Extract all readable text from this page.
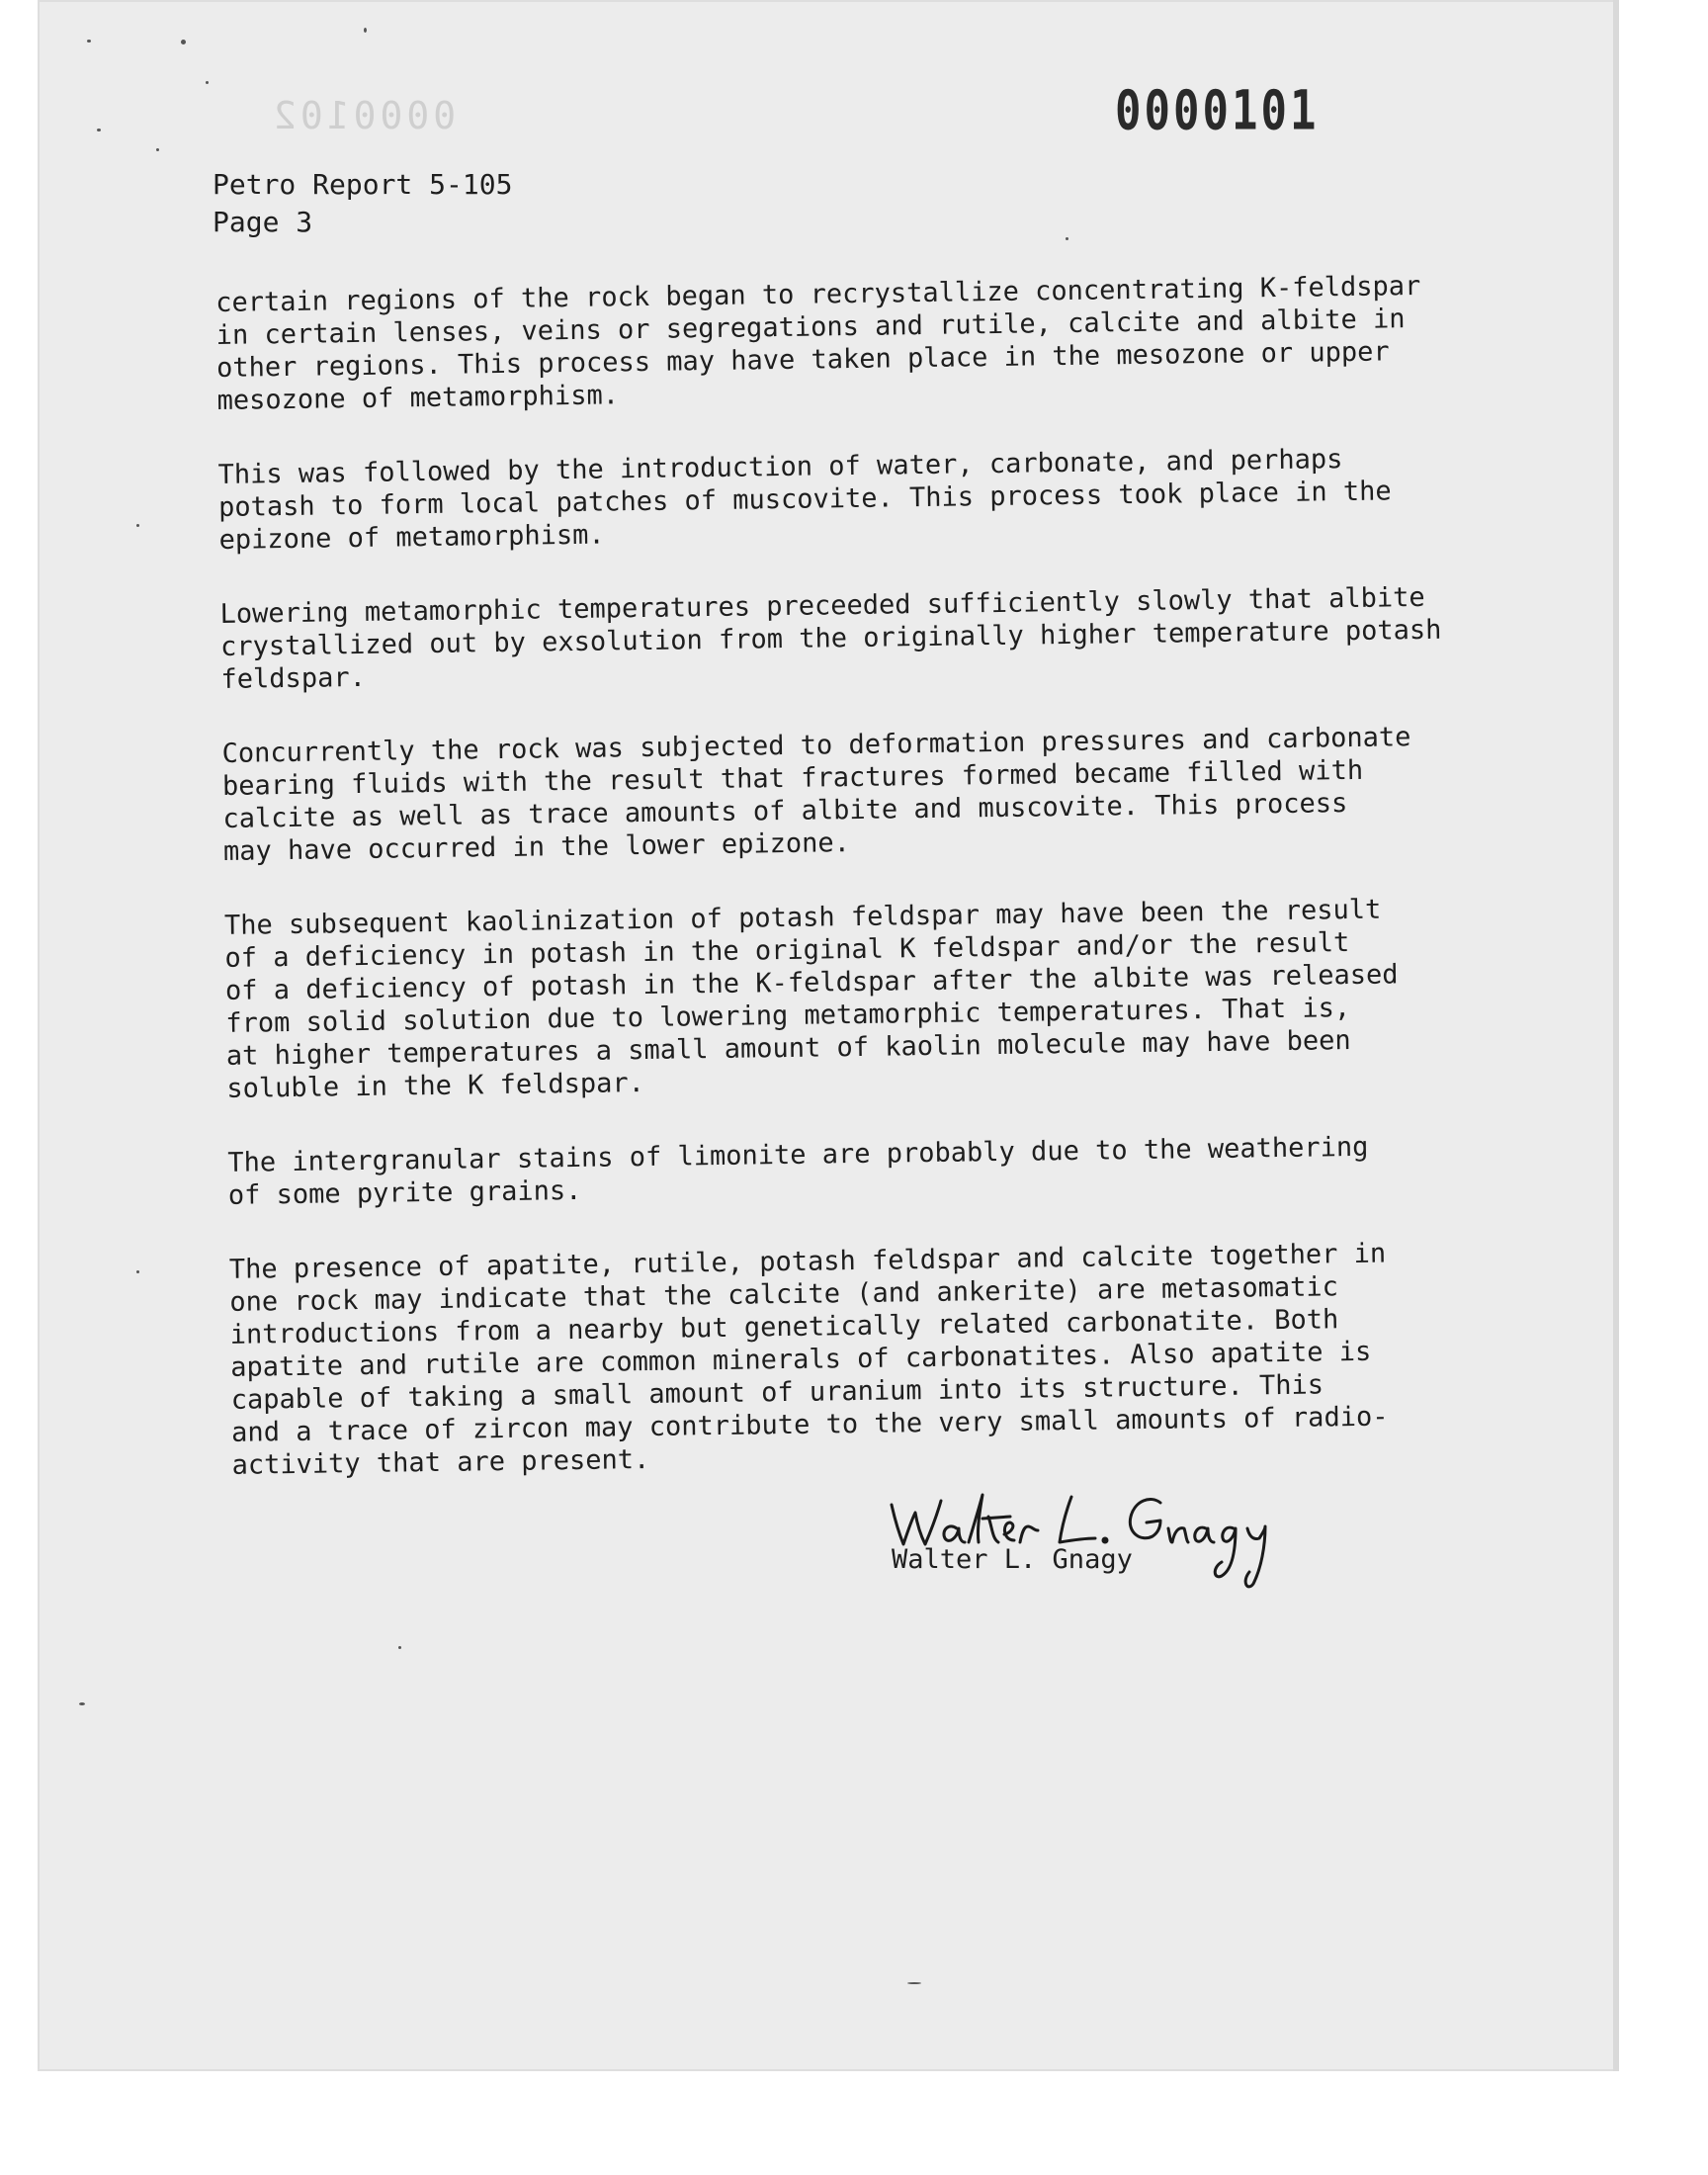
0000102	0000101
Petro Report 5-105
Page 3

certain regions of the rock began to recrystallize concentrating K-feldspar
in certain lenses, veins or segregations and rutile, calcite and albite in
other regions. This process may have taken place in the mesozone or upper
mesozone of metamorphism.

This was followed by the introduction of water, carbonate, and perhaps
potash to form local patches of muscovite. This process took place in the
epizone of metamorphism.

Lowering metamorphic temperatures preceeded sufficiently slowly that albite
crystallized out by exsolution from the originally higher temperature potash
feldspar.

Concurrently the rock was subjected to deformation pressures and carbonate
bearing fluids with the result that fractures formed became filled with
calcite as well as trace amounts of albite and muscovite. This process
may have occurred in the lower epizone.

The subsequent kaolinization of potash feldspar may have been the result
of a deficiency in potash in the original K feldspar and/or the result
of a deficiency of potash in the K-feldspar after the albite was released
from solid solution due to lowering metamorphic temperatures. That is,
at higher temperatures a small amount of kaolin molecule may have been
soluble in the K feldspar.

The intergranular stains of limonite are probably due to the weathering
of some pyrite grains.

The presence of apatite, rutile, potash feldspar and calcite together in
one rock may indicate that the calcite (and ankerite) are metasomatic
introductions from a nearby but genetically related carbonatite. Both
apatite and rutile are common minerals of carbonatites. Also apatite is
capable of taking a small amount of uranium into its structure. This
and a trace of zircon may contribute to the very small amounts of radio-
activity that are present.

Walter L. Gnagy
